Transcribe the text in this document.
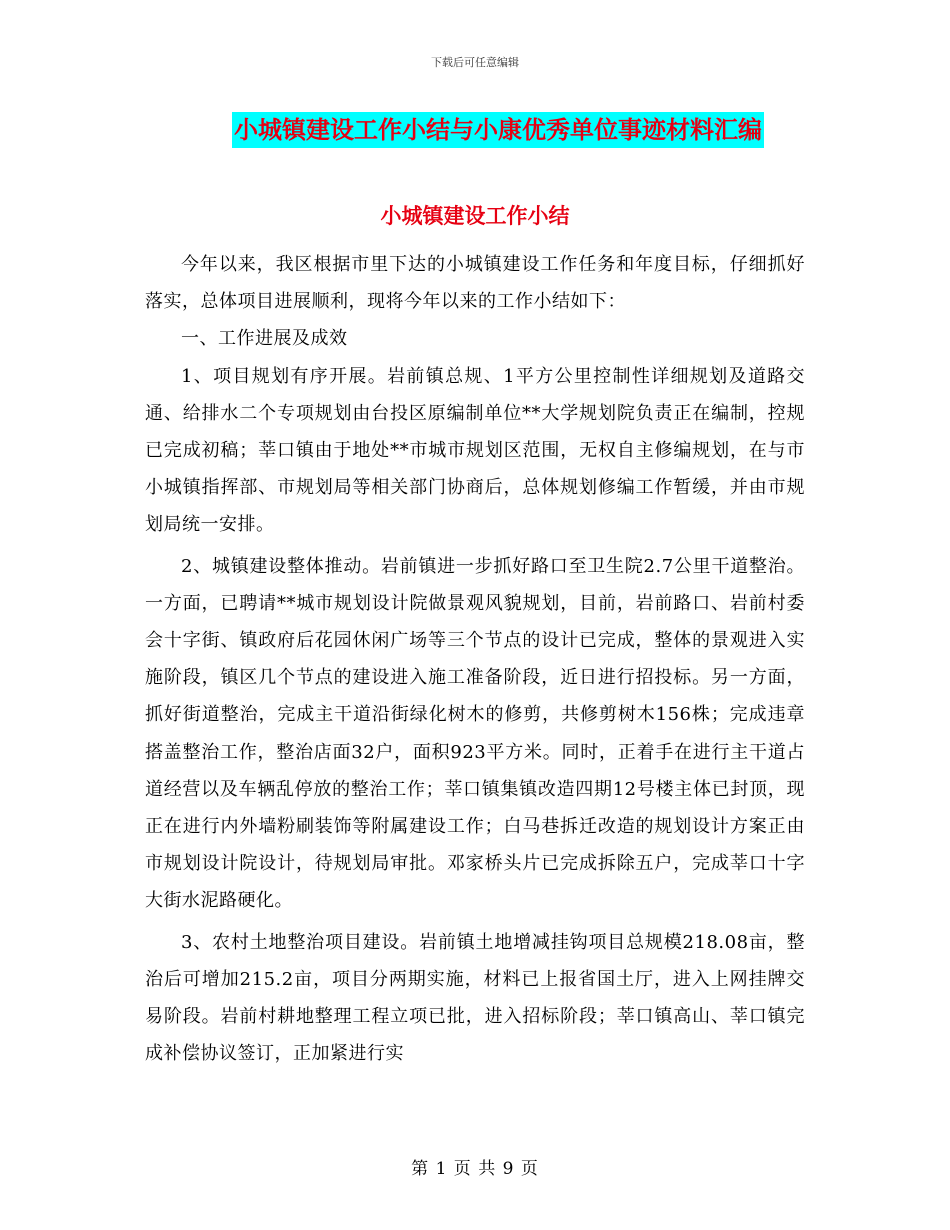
下载后可任意编辑
小城镇建设工作小结与小康优秀单位事迹材料汇编
小城镇建设工作小结

今年以来，我区根据市里下达的小城镇建设工作任务和年度目标，仔细抓好落实，总体项目进展顺利，现将今年以来的工作小结如下：

一、工作进展及成效

1、项目规划有序开展。岩前镇总规、1平方公里控制性详细规划及道路交通、给排水二个专项规划由台投区原编制单位**大学规划院负责正在编制，控规已完成初稿；莘口镇由于地处**市城市规划区范围，无权自主修编规划，在与市小城镇指挥部、市规划局等相关部门协商后，总体规划修编工作暂缓，并由市规划局统一安排。

2、城镇建设整体推动。岩前镇进一步抓好路口至卫生院2.7公里干道整治。一方面，已聘请**城市规划设计院做景观风貌规划，目前，岩前路口、岩前村委会十字街、镇政府后花园休闲广场等三个节点的设计已完成，整体的景观进入实施阶段，镇区几个节点的建设进入施工准备阶段，近日进行招投标。另一方面，抓好街道整治，完成主干道沿街绿化树木的修剪，共修剪树木156株；完成违章搭盖整治工作，整治店面32户，面积923平方米。同时，正着手在进行主干道占道经营以及车辆乱停放的整治工作；莘口镇集镇改造四期12号楼主体已封顶，现正在进行内外墙粉刷装饰等附属建设工作；白马巷拆迁改造的规划设计方案正由市规划设计院设计，待规划局审批。邓家桥头片已完成拆除五户，完成莘口十字大街水泥路硬化。

3、农村土地整治项目建设。岩前镇土地增减挂钩项目总规模218.08亩，整治后可增加215.2亩，项目分两期实施，材料已上报省国土厅，进入上网挂牌交易阶段。岩前村耕地整理工程立项已批，进入招标阶段；莘口镇高山、莘口镇完成补偿协议签订，正加紧进行实

第 1 页 共 9 页
